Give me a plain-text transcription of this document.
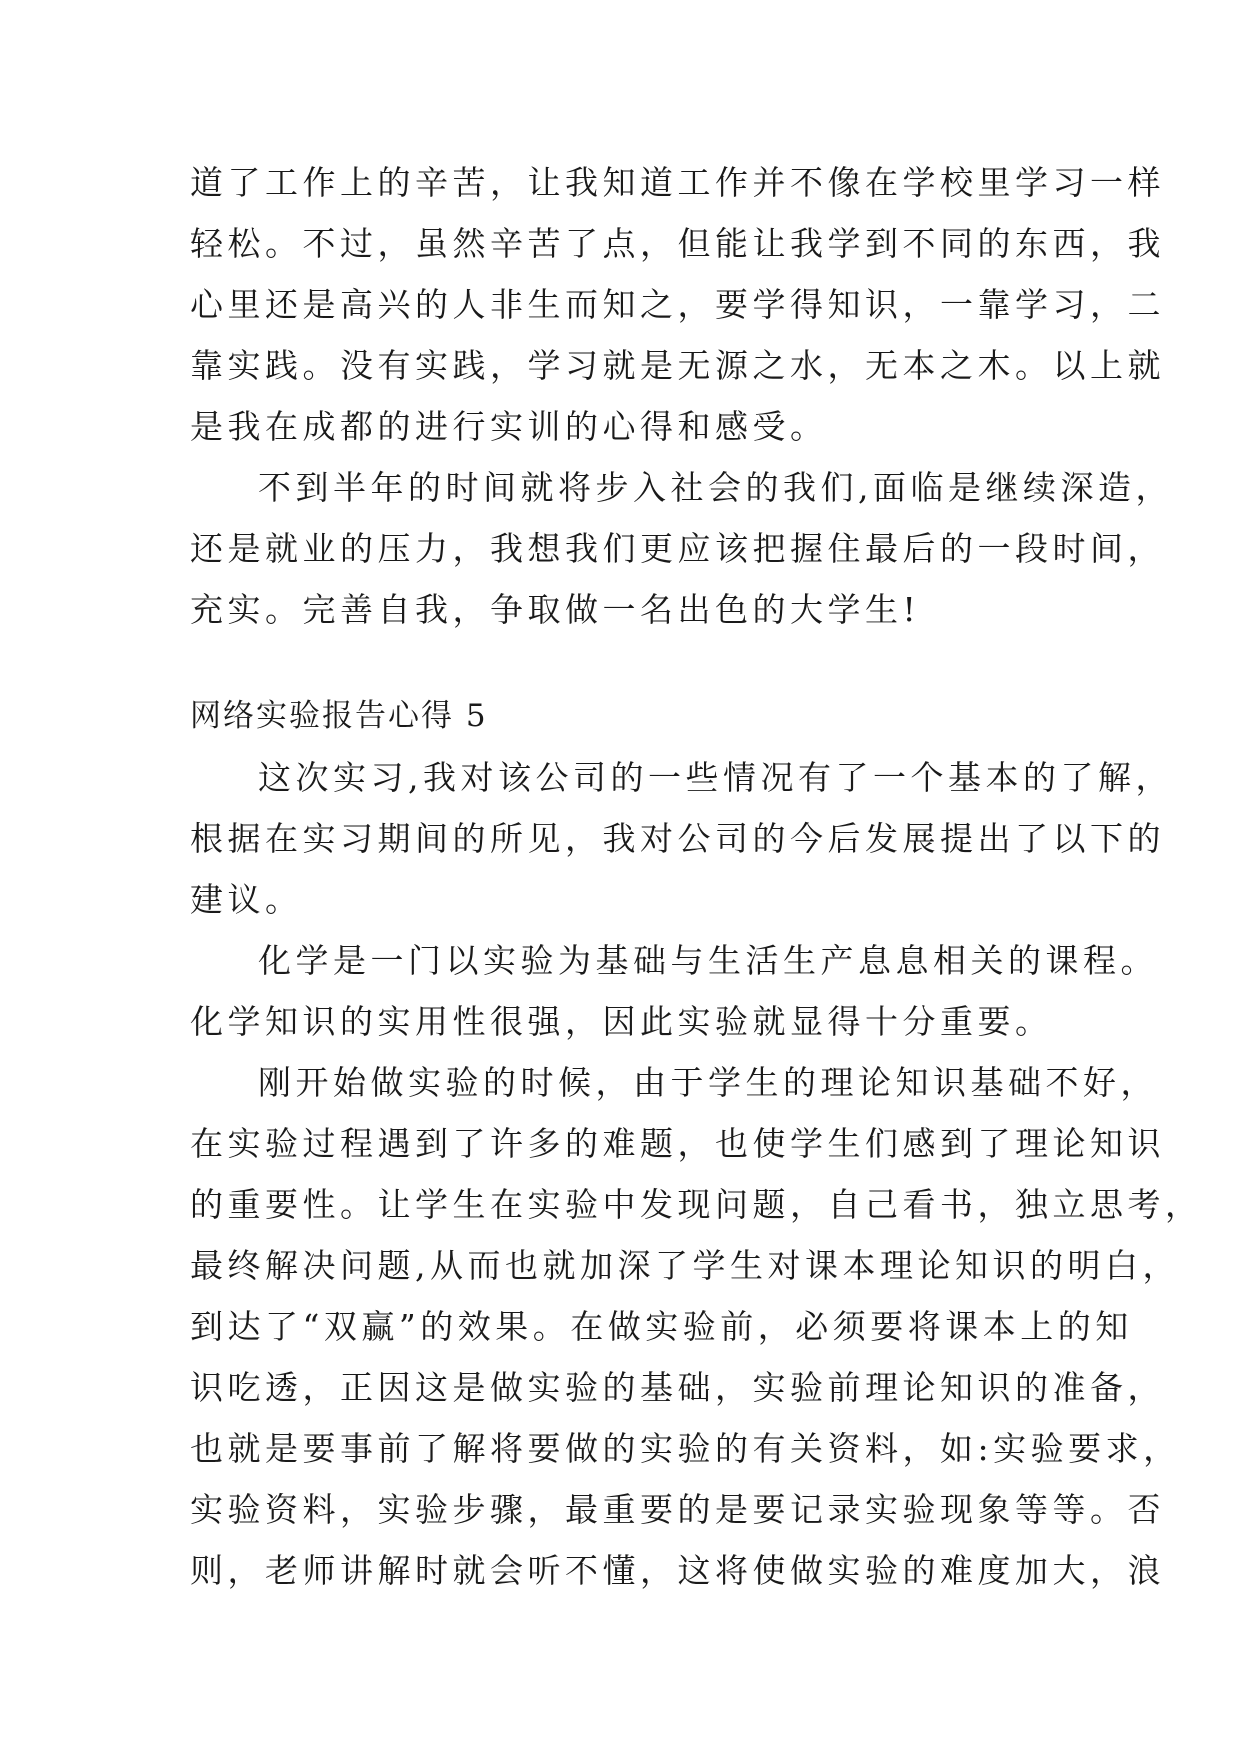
道了工作上的辛苦，让我知道工作并不像在学校里学习一样
轻松。不过，虽然辛苦了点，但能让我学到不同的东西，我
心里还是高兴的人非生而知之，要学得知识，一靠学习，二
靠实践。没有实践，学习就是无源之水，无本之木。以上就
是我在成都的进行实训的心得和感受。
不到半年的时间就将步入社会的我们,面临是继续深造，
还是就业的压力，我想我们更应该把握住最后的一段时间，
充实。完善自我，争取做一名出色的大学生!
网络实验报告心得 5
这次实习,我对该公司的一些情况有了一个基本的了解，
根据在实习期间的所见，我对公司的今后发展提出了以下的
建议。
化学是一门以实验为基础与生活生产息息相关的课程。
化学知识的实用性很强，因此实验就显得十分重要。
刚开始做实验的时候，由于学生的理论知识基础不好，
在实验过程遇到了许多的难题，也使学生们感到了理论知识
的重要性。让学生在实验中发现问题，自己看书，独立思考，
最终解决问题,从而也就加深了学生对课本理论知识的明白，
到达了“双赢”的效果。在做实验前，必须要将课本上的知
识吃透，正因这是做实验的基础，实验前理论知识的准备，
也就是要事前了解将要做的实验的有关资料，如:实验要求，
实验资料，实验步骤，最重要的是要记录实验现象等等。否
则，老师讲解时就会听不懂，这将使做实验的难度加大，浪
